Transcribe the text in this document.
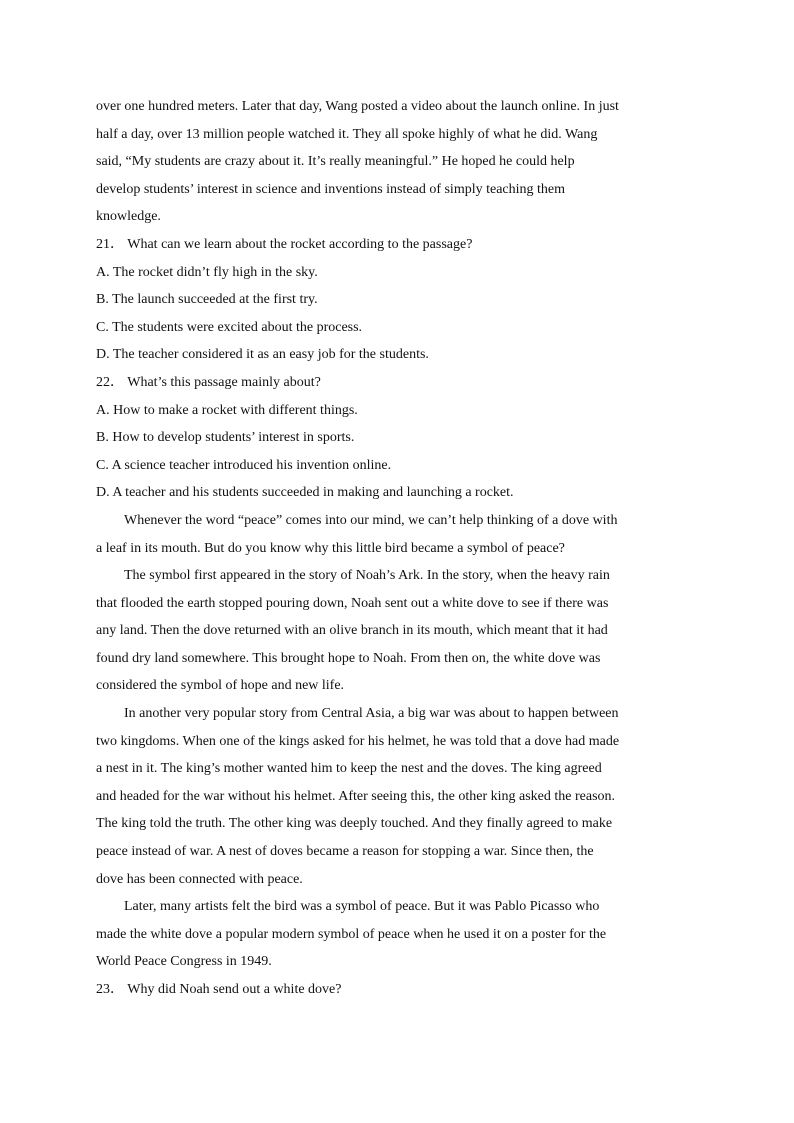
over one hundred meters. Later that day, Wang posted a video about the launch online. In just
half a day, over 13 million people watched it. They all spoke highly of what he did. Wang
said, “My students are crazy about it. It’s really meaningful.” He hoped he could help
develop students’ interest in science and inventions instead of simply teaching them
knowledge.
21． What can we learn about the rocket according to the passage?
A. The rocket didn’t fly high in the sky.
B. The launch succeeded at the first try.
C. The students were excited about the process.
D. The teacher considered it as an easy job for the students.
22． What’s this passage mainly about?
A. How to make a rocket with different things.
B. How to develop students’ interest in sports.
C. A science teacher introduced his invention online.
D. A teacher and his students succeeded in making and launching a rocket.
Whenever the word “peace” comes into our mind, we can’t help thinking of a dove with
a leaf in its mouth. But do you know why this little bird became a symbol of peace?
The symbol first appeared in the story of Noah’s Ark. In the story, when the heavy rain
that flooded the earth stopped pouring down, Noah sent out a white dove to see if there was
any land. Then the dove returned with an olive branch in its mouth, which meant that it had
found dry land somewhere. This brought hope to Noah. From then on, the white dove was
considered the symbol of hope and new life.
In another very popular story from Central Asia, a big war was about to happen between
two kingdoms. When one of the kings asked for his helmet, he was told that a dove had made
a nest in it. The king’s mother wanted him to keep the nest and the doves. The king agreed
and headed for the war without his helmet. After seeing this, the other king asked the reason.
The king told the truth. The other king was deeply touched. And they finally agreed to make
peace instead of war. A nest of doves became a reason for stopping a war. Since then, the
dove has been connected with peace.
Later, many artists felt the bird was a symbol of peace. But it was Pablo Picasso who
made the white dove a popular modern symbol of peace when he used it on a poster for the
World Peace Congress in 1949.
23． Why did Noah send out a white dove?
